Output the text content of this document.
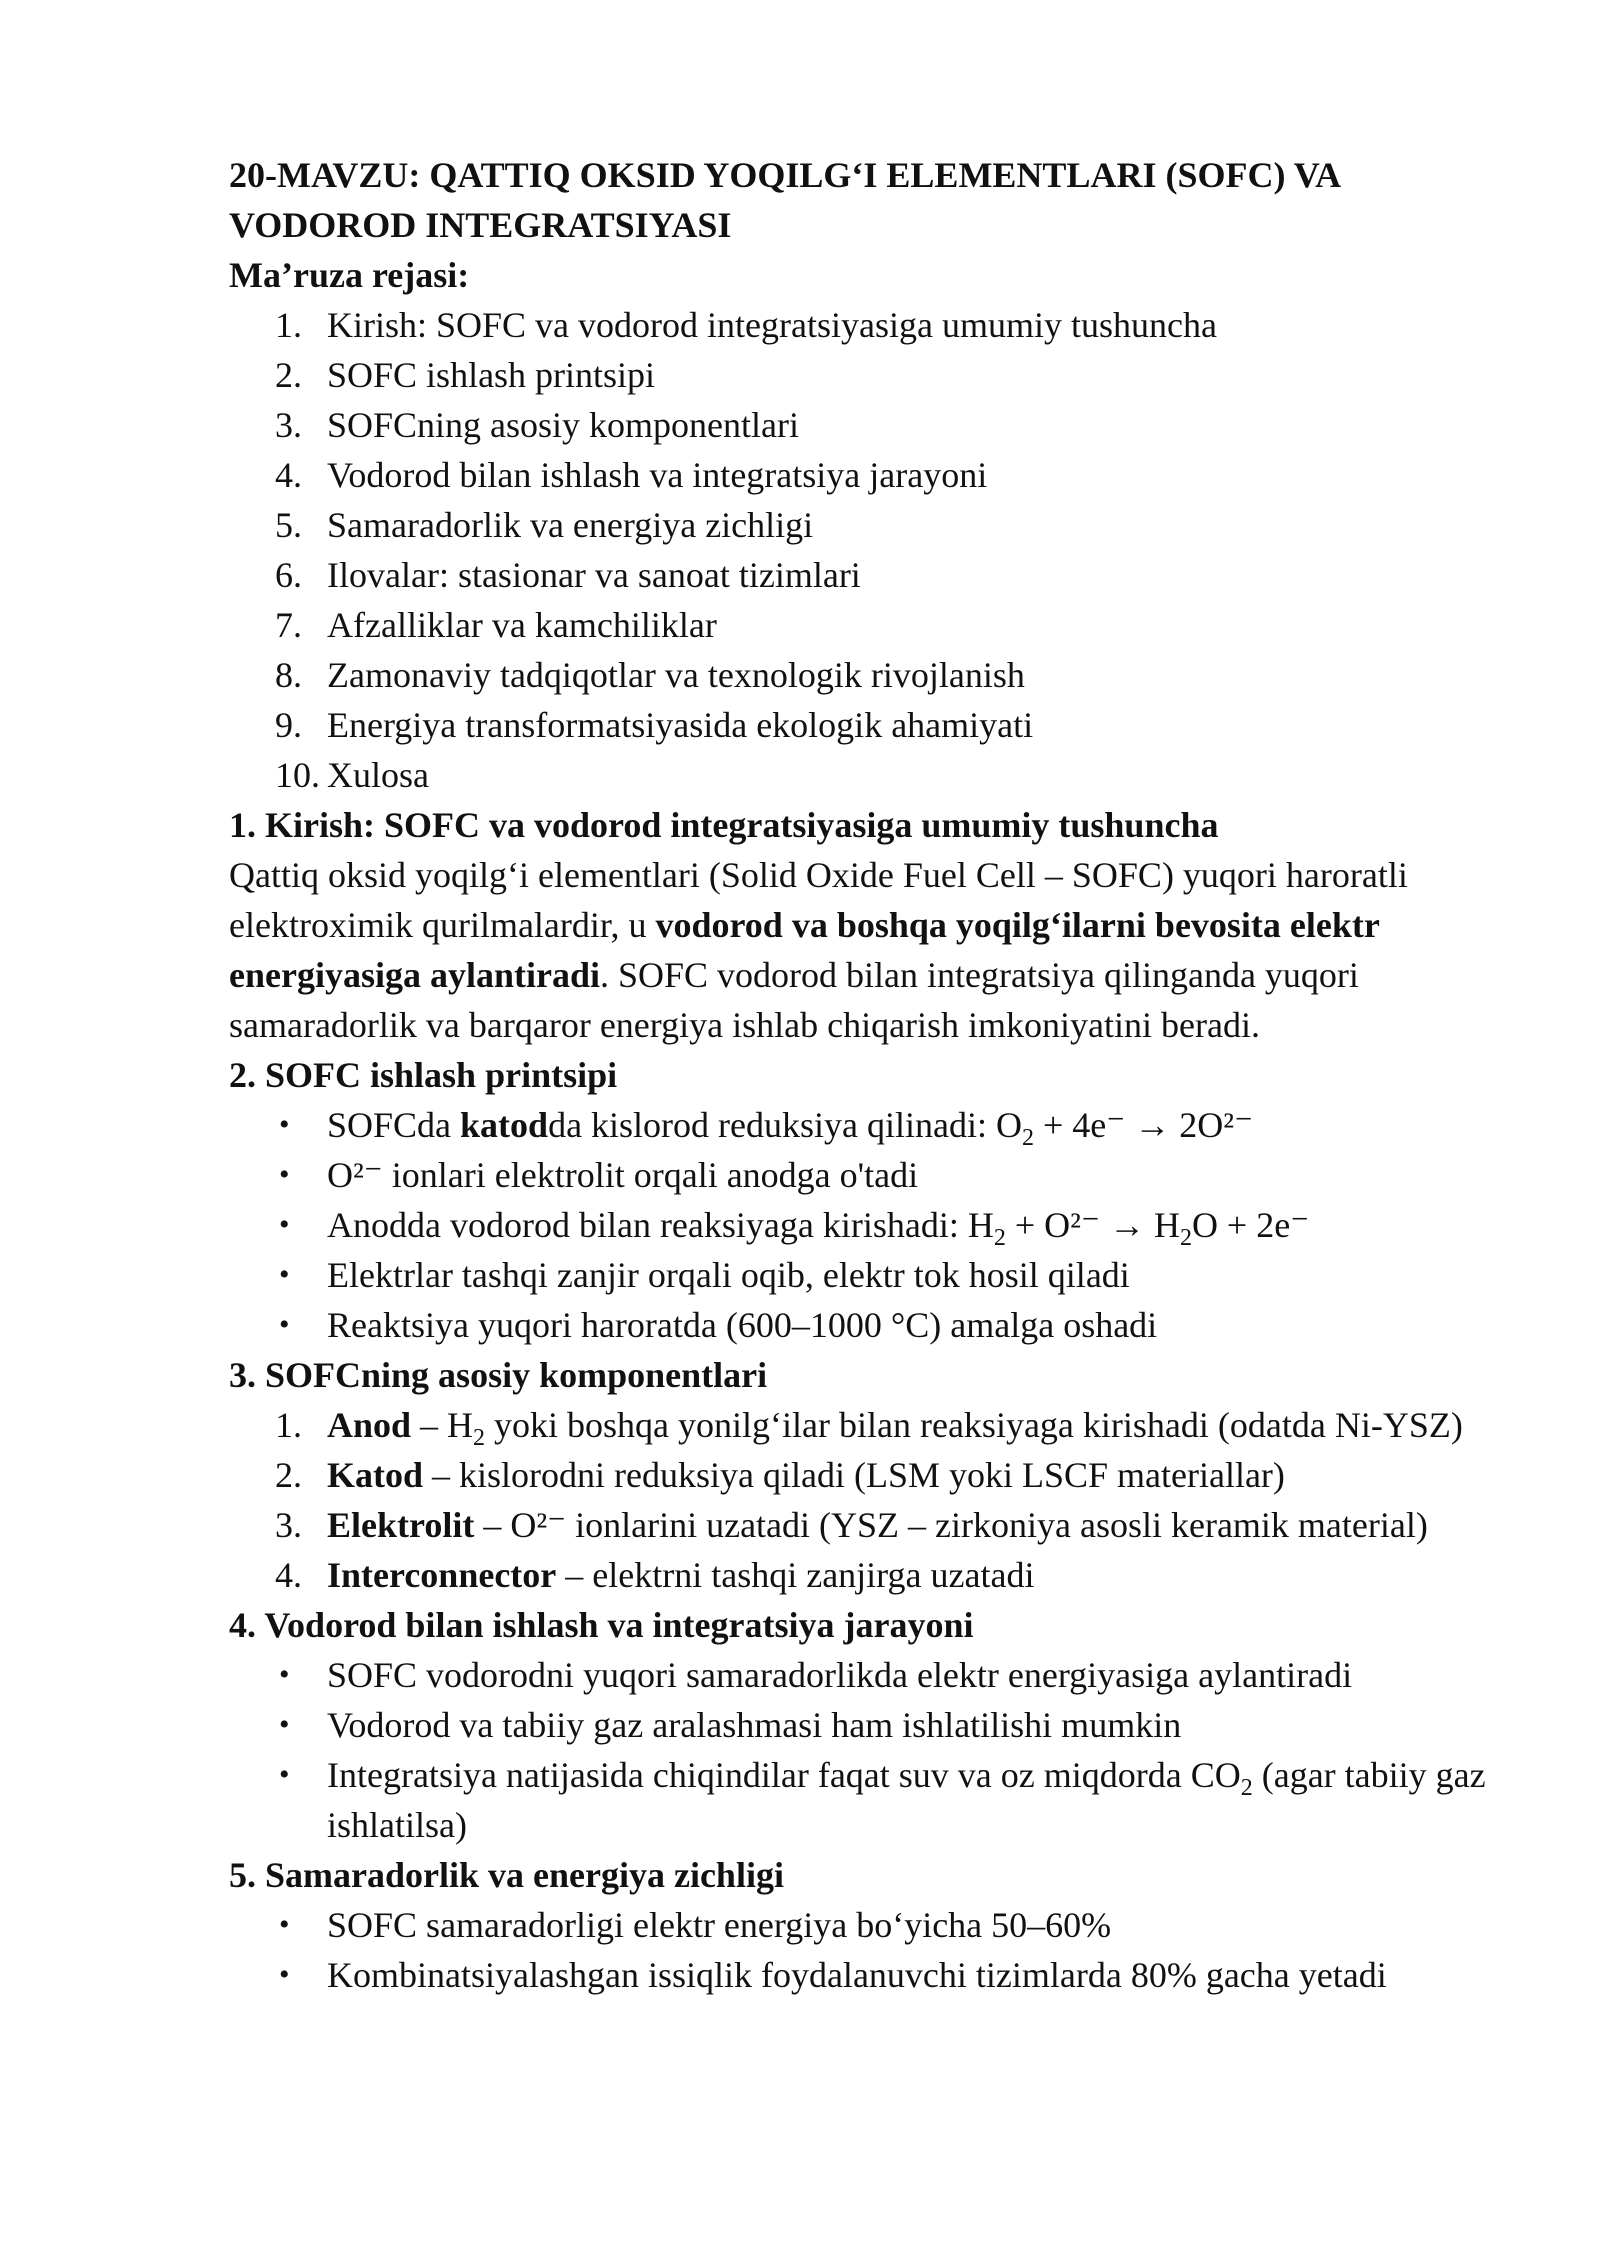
20-MAVZU: QATTIQ OKSID YOQILG‘I ELEMENTLARI (SOFC) VA
VODOROD INTEGRATSIYASI

Ma’ruza rejasi:

1. Kirish: SOFC va vodorod integratsiyasiga umumiy tushuncha
2. SOFC ishlash printsipi
3. SOFCning asosiy komponentlari
4. Vodorod bilan ishlash va integratsiya jarayoni
5. Samaradorlik va energiya zichligi
6. Ilovalar: stasionar va sanoat tizimlari
7. Afzalliklar va kamchiliklar
8. Zamonaviy tadqiqotlar va texnologik rivojlanish
9. Energiya transformatsiyasida ekologik ahamiyati
10. Xulosa

1. Kirish: SOFC va vodorod integratsiyasiga umumiy tushuncha

Qattiq oksid yoqilg‘i elementlari (Solid Oxide Fuel Cell – SOFC) yuqori haroratli elektroximik qurilmalardir, u vodorod va boshqa yoqilg‘ilarni bevosita elektr energiyasiga aylantiradi. SOFC vodorod bilan integratsiya qilinganda yuqori samaradorlik va barqaror energiya ishlab chiqarish imkoniyatini beradi.

2. SOFC ishlash printsipi

• SOFCda katodda kislorod reduksiya qilinadi: $O_2 + 4e^- \to 2O^{2-}$
• O²⁻ ionlari elektrolit orqali anodga o'tadi
• Anodda vodorod bilan reaksiyaga kirishadi: $H_2 + O^{2-} \to H_2O + 2e^-$
• Elektrlar tashqi zanjir orqali oqib, elektr tok hosil qiladi
• Reaktsiya yuqori haroratda (600–1000 °C) amalga oshadi

3. SOFCning asosiy komponentlari

1. Anod – $H_2$ yoki boshqa yonilg‘ilar bilan reaksiyaga kirishadi (odatda Ni-YSZ)
2. Katod – kislorodni reduksiya qiladi (LSM yoki LSCF materiallar)
3. Elektrolit – O²⁻ ionlarini uzatadi (YSZ – zirkoniya asosli keramik material)
4. Interconnector – elektrni tashqi zanjirga uzatadi

4. Vodorod bilan ishlash va integratsiya jarayoni

• SOFC vodorodni yuqori samaradorlikda elektr energiyasiga aylantiradi
• Vodorod va tabiiy gaz aralashmasi ham ishlatilishi mumkin
• Integratsiya natijasida chiqindilar faqat suv va oz miqdorda $CO_2$ (agar tabiiy gaz ishlatilsa)

5. Samaradorlik va energiya zichligi

• SOFC samaradorligi elektr energiya bo‘yicha 50–60%
• Kombinatsiyalashgan issiqlik foydalanuvchi tizimlarda 80% gacha yetadi
